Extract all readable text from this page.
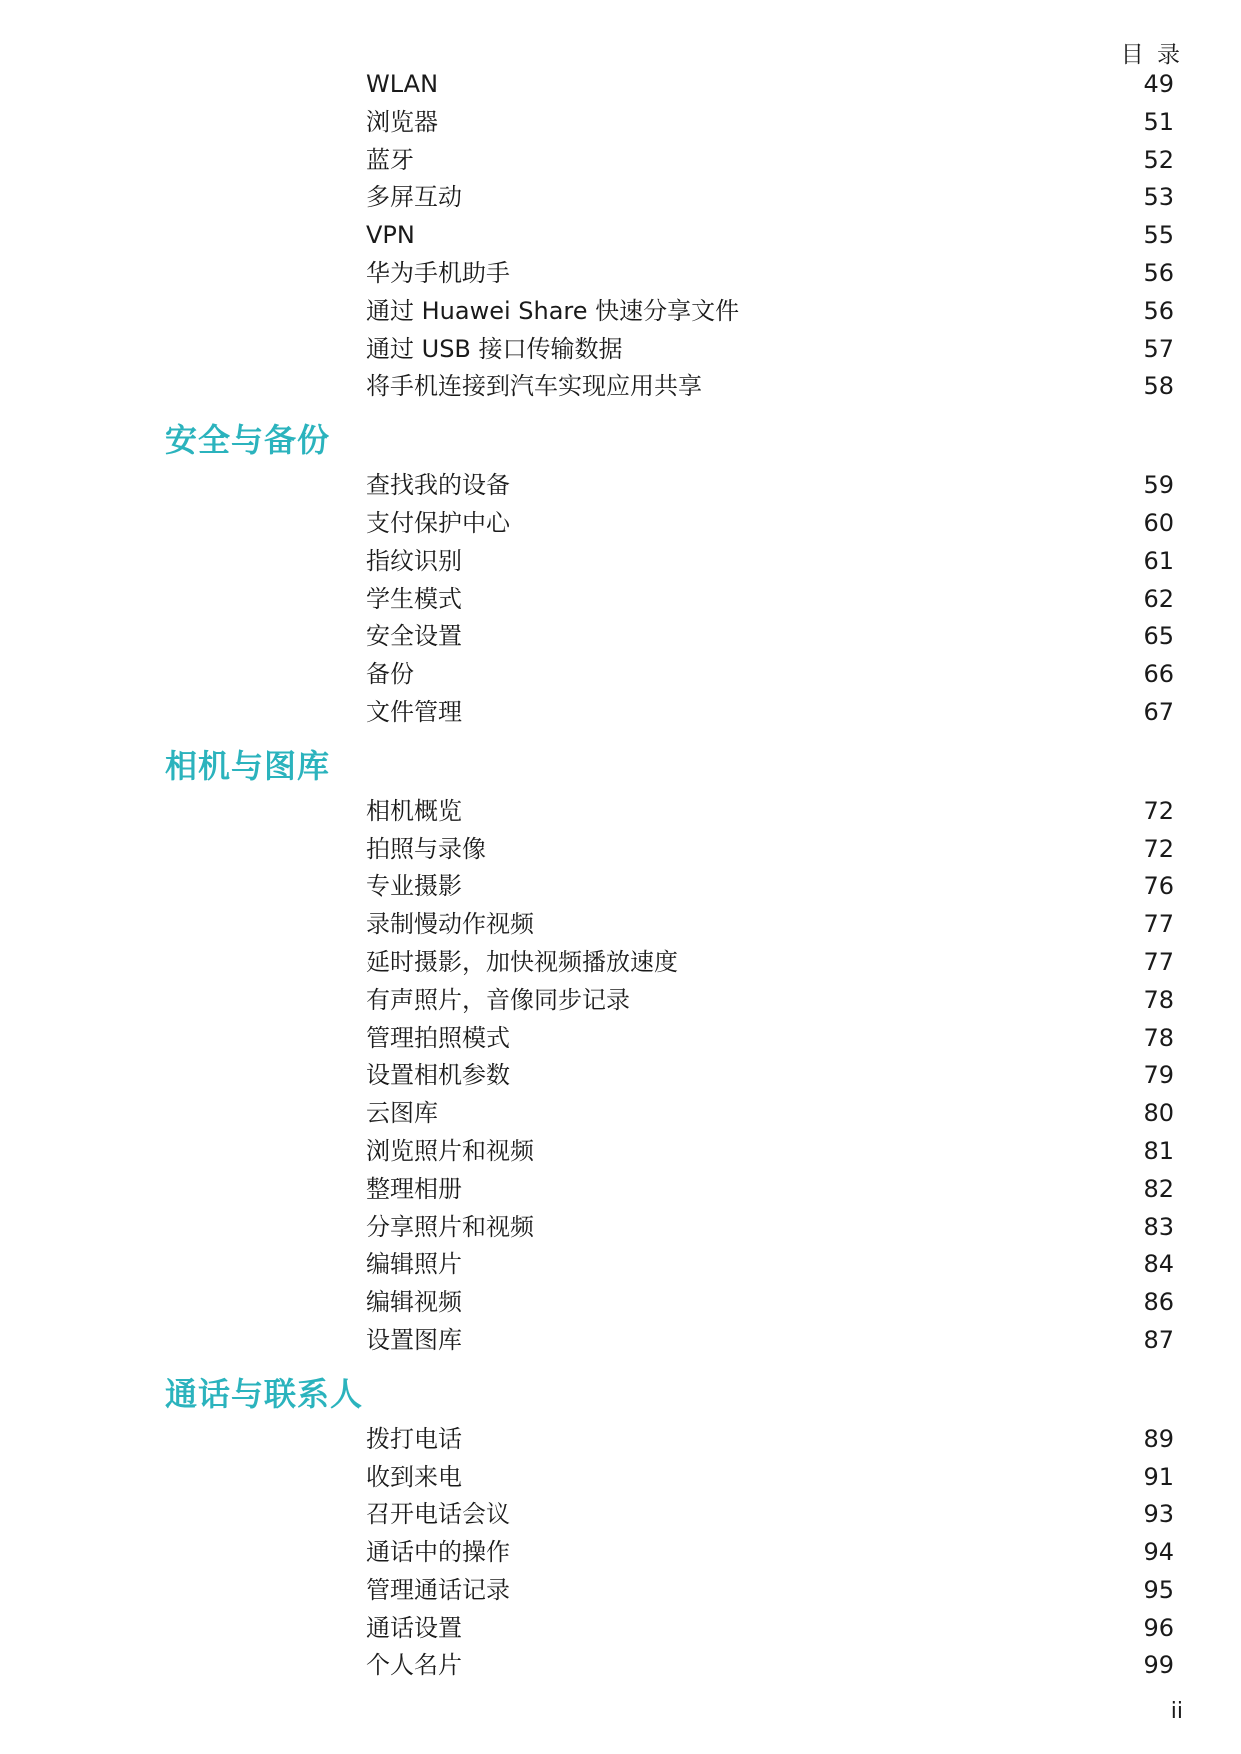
目 录
WLAN	49
浏览器	51
蓝牙	52
多屏互动	53
VPN	55
华为手机助手	56
通过 Huawei Share 快速分享文件	56
通过 USB 接口传输数据	57
将手机连接到汽车实现应用共享	58
安全与备份
查找我的设备	59
支付保护中心	60
指纹识别	61
学生模式	62
安全设置	65
备份	66
文件管理	67
相机与图库
相机概览	72
拍照与录像	72
专业摄影	76
录制慢动作视频	77
延时摄影，加快视频播放速度	77
有声照片，音像同步记录	78
管理拍照模式	78
设置相机参数	79
云图库	80
浏览照片和视频	81
整理相册	82
分享照片和视频	83
编辑照片	84
编辑视频	86
设置图库	87
通话与联系人
拨打电话	89
收到来电	91
召开电话会议	93
通话中的操作	94
管理通话记录	95
通话设置	96
个人名片	99
ii
